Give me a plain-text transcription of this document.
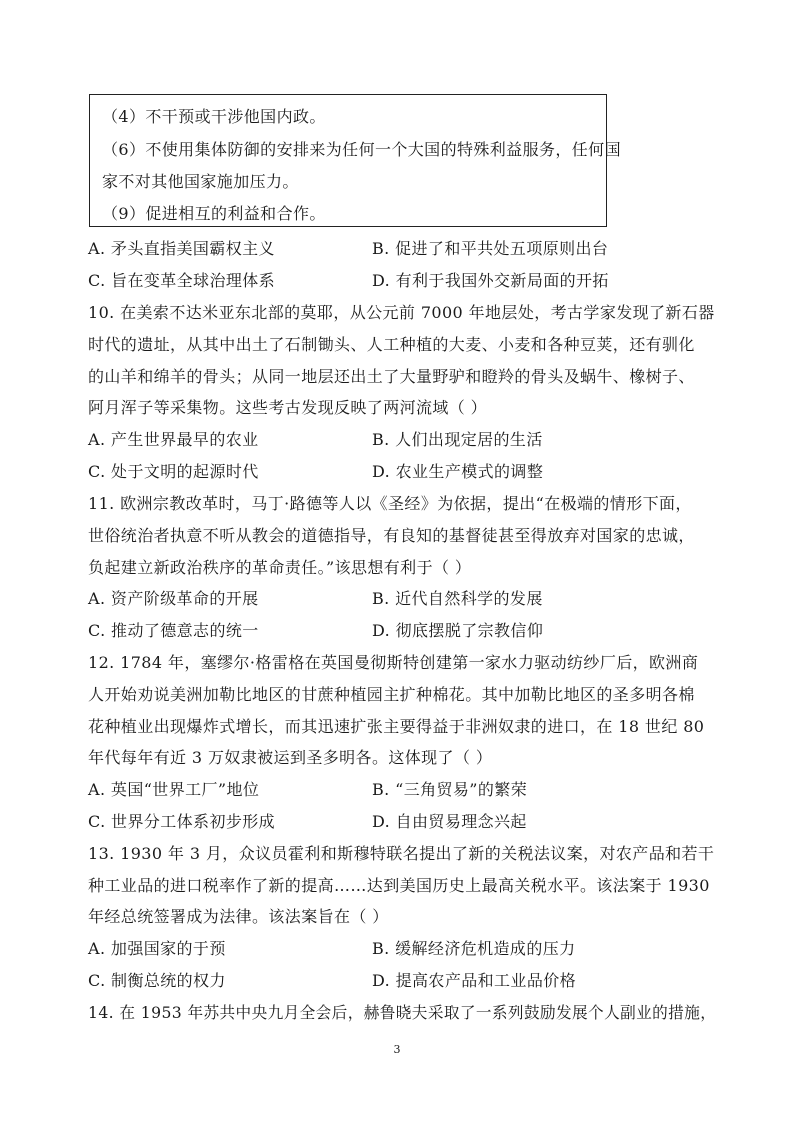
（4）不干预或干涉他国内政。
（6）不使用集体防御的安排来为任何一个大国的特殊利益服务，任何国
家不对其他国家施加压力。
（9）促进相互的利益和合作。
A. 矛头直指美国霸权主义	B. 促进了和平共处五项原则出台
C. 旨在变革全球治理体系	D. 有利于我国外交新局面的开拓
10. 在美索不达米亚东北部的莫耶，从公元前 7000 年地层处，考古学家发现了新石器
时代的遗址，从其中出土了石制锄头、人工种植的大麦、小麦和各种豆荚，还有驯化
的山羊和绵羊的骨头；从同一地层还出土了大量野驴和瞪羚的骨头及蜗牛、橡树子、
阿月浑子等采集物。这些考古发现反映了两河流域（ ）
A. 产生世界最早的农业	B. 人们出现定居的生活
C. 处于文明的起源时代	D. 农业生产模式的调整
11. 欧洲宗教改革时，马丁·路德等人以《圣经》为依据，提出“在极端的情形下面，
世俗统治者执意不听从教会的道德指导，有良知的基督徒甚至得放弃对国家的忠诚，
负起建立新政治秩序的革命责任。”该思想有利于（ ）
A. 资产阶级革命的开展	B. 近代自然科学的发展
C. 推动了德意志的统一	D. 彻底摆脱了宗教信仰
12. 1784 年，塞缪尔·格雷格在英国曼彻斯特创建第一家水力驱动纺纱厂后，欧洲商
人开始劝说美洲加勒比地区的甘蔗种植园主扩种棉花。其中加勒比地区的圣多明各棉
花种植业出现爆炸式增长，而其迅速扩张主要得益于非洲奴隶的进口，在 18 世纪 80
年代每年有近 3 万奴隶被运到圣多明各。这体现了（ ）
A. 英国“世界工厂”地位	B. “三角贸易”的繁荣
C. 世界分工体系初步形成	D. 自由贸易理念兴起
13. 1930 年 3 月，众议员霍利和斯穆特联名提出了新的关税法议案，对农产品和若干
种工业品的进口税率作了新的提高……达到美国历史上最高关税水平。该法案于 1930
年经总统签署成为法律。该法案旨在（ ）
A. 加强国家的于预	B. 缓解经济危机造成的压力
C. 制衡总统的权力	D. 提高农产品和工业品价格
14. 在 1953 年苏共中央九月全会后，赫鲁晓夫采取了一系列鼓励发展个人副业的措施，
3
